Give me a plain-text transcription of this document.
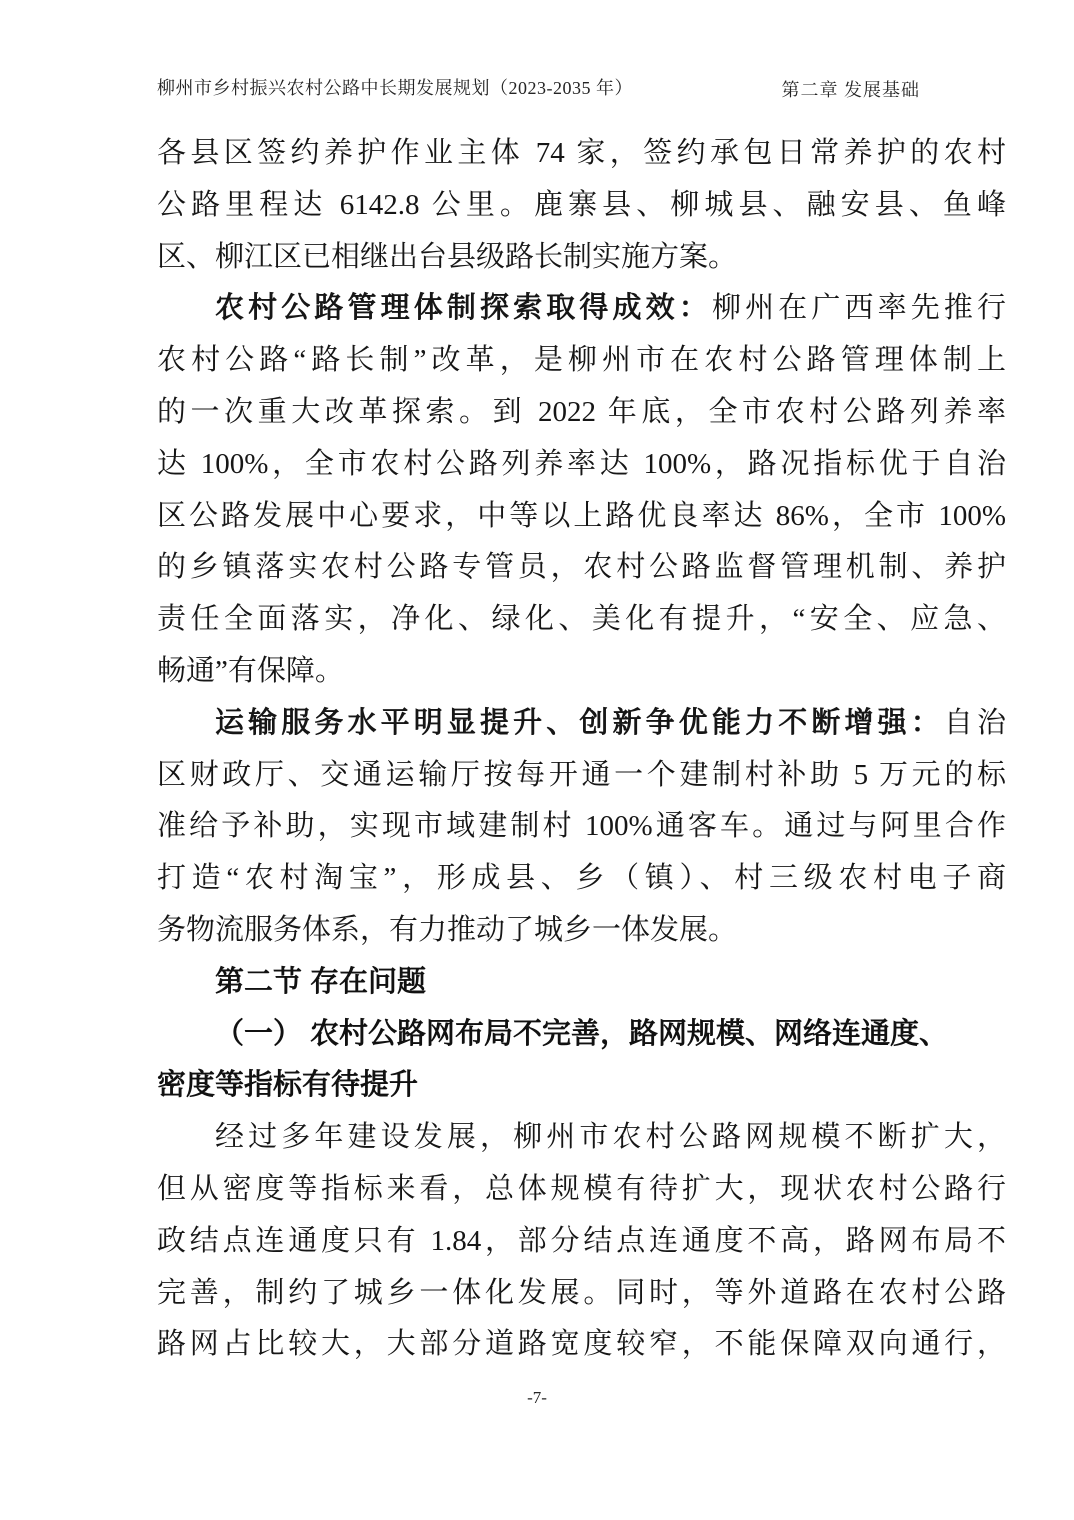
柳州市乡村振兴农村公路中长期发展规划（2023-2035 年）	第二章 发展基础
各县区签约养护作业主体 74 家，签约承包日常养护的农村
公路里程达 6142.8 公里。鹿寨县、柳城县、融安县、鱼峰
区、柳江区已相继出台县级路长制实施方案。
农村公路管理体制探索取得成效：柳州在广西率先推行
农村公路“路长制”改革，是柳州市在农村公路管理体制上
的一次重大改革探索。到 2022 年底，全市农村公路列养率
达 100%，全市农村公路列养率达 100%，路况指标优于自治
区公路发展中心要求，中等以上路优良率达 86%，全市 100%
的乡镇落实农村公路专管员，农村公路监督管理机制、养护
责任全面落实，净化、绿化、美化有提升，“安全、应急、
畅通”有保障。
运输服务水平明显提升、创新争优能力不断增强：自治
区财政厅、交通运输厅按每开通一个建制村补助 5 万元的标
准给予补助，实现市域建制村 100%通客车。通过与阿里合作
打造“农村淘宝”，形成县、乡（镇）、村三级农村电子商
务物流服务体系，有力推动了城乡一体发展。
第二节 存在问题
（一） 农村公路网布局不完善，路网规模、网络连通度、
密度等指标有待提升
经过多年建设发展，柳州市农村公路网规模不断扩大，
但从密度等指标来看，总体规模有待扩大，现状农村公路行
政结点连通度只有 1.84，部分结点连通度不高，路网布局不
完善，制约了城乡一体化发展。同时，等外道路在农村公路
路网占比较大，大部分道路宽度较窄，不能保障双向通行，
-7-
